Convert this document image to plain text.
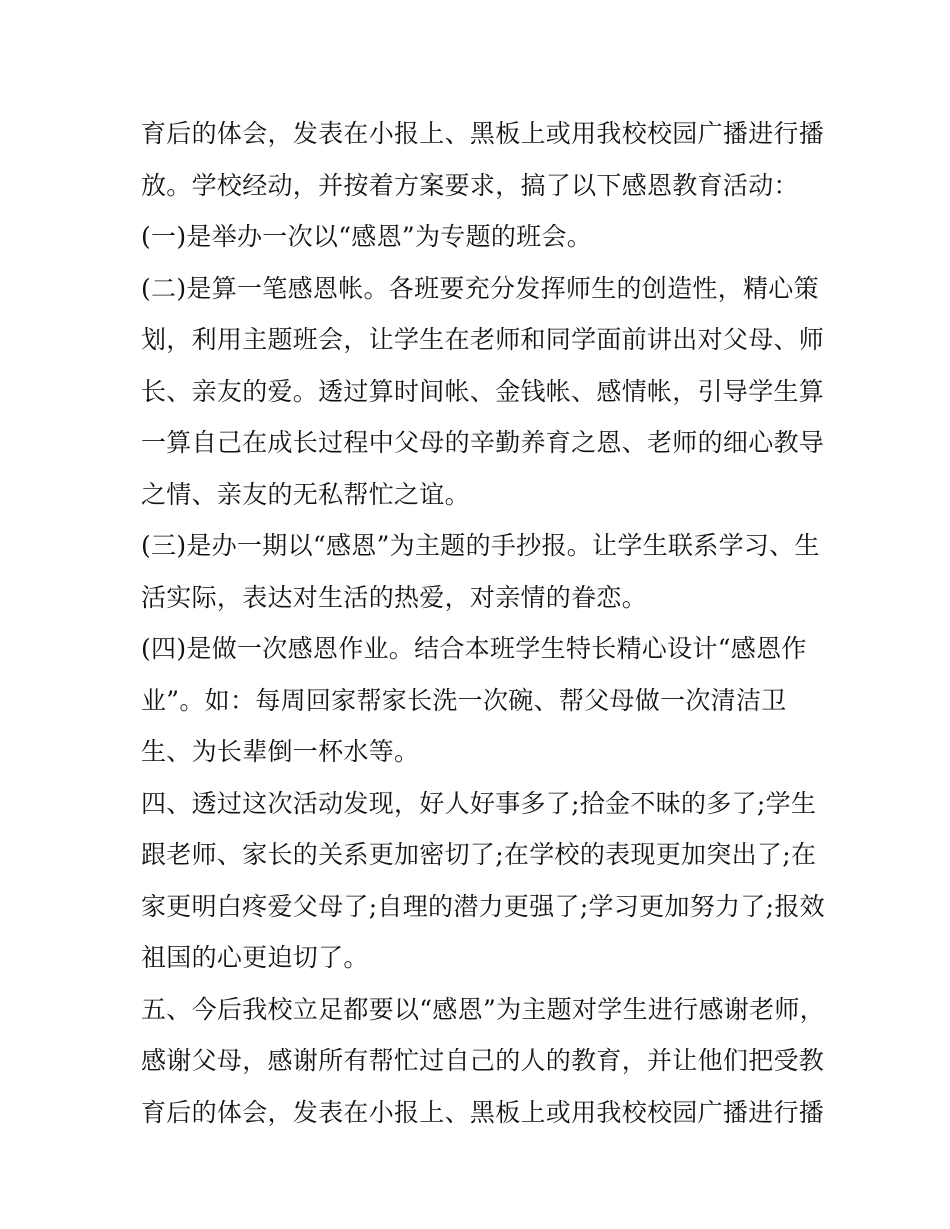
育后的体会，发表在小报上、黑板上或用我校校园广播进行播
放。学校经动，并按着方案要求，搞了以下感恩教育活动：
(一)是举办一次以“感恩”为专题的班会。
(二)是算一笔感恩帐。各班要充分发挥师生的创造性，精心策
划，利用主题班会，让学生在老师和同学面前讲出对父母、师
长、亲友的爱。透过算时间帐、金钱帐、感情帐，引导学生算
一算自己在成长过程中父母的辛勤养育之恩、老师的细心教导
之情、亲友的无私帮忙之谊。
(三)是办一期以“感恩”为主题的手抄报。让学生联系学习、生
活实际，表达对生活的热爱，对亲情的眷恋。
(四)是做一次感恩作业。结合本班学生特长精心设计“感恩作
业”。如：每周回家帮家长洗一次碗、帮父母做一次清洁卫
生、为长辈倒一杯水等。
四、透过这次活动发现，好人好事多了;拾金不昧的多了;学生
跟老师、家长的关系更加密切了;在学校的表现更加突出了;在
家更明白疼爱父母了;自理的潜力更强了;学习更加努力了;报效
祖国的心更迫切了。
五、今后我校立足都要以“感恩”为主题对学生进行感谢老师，
感谢父母，感谢所有帮忙过自己的人的教育，并让他们把受教
育后的体会，发表在小报上、黑板上或用我校校园广播进行播
